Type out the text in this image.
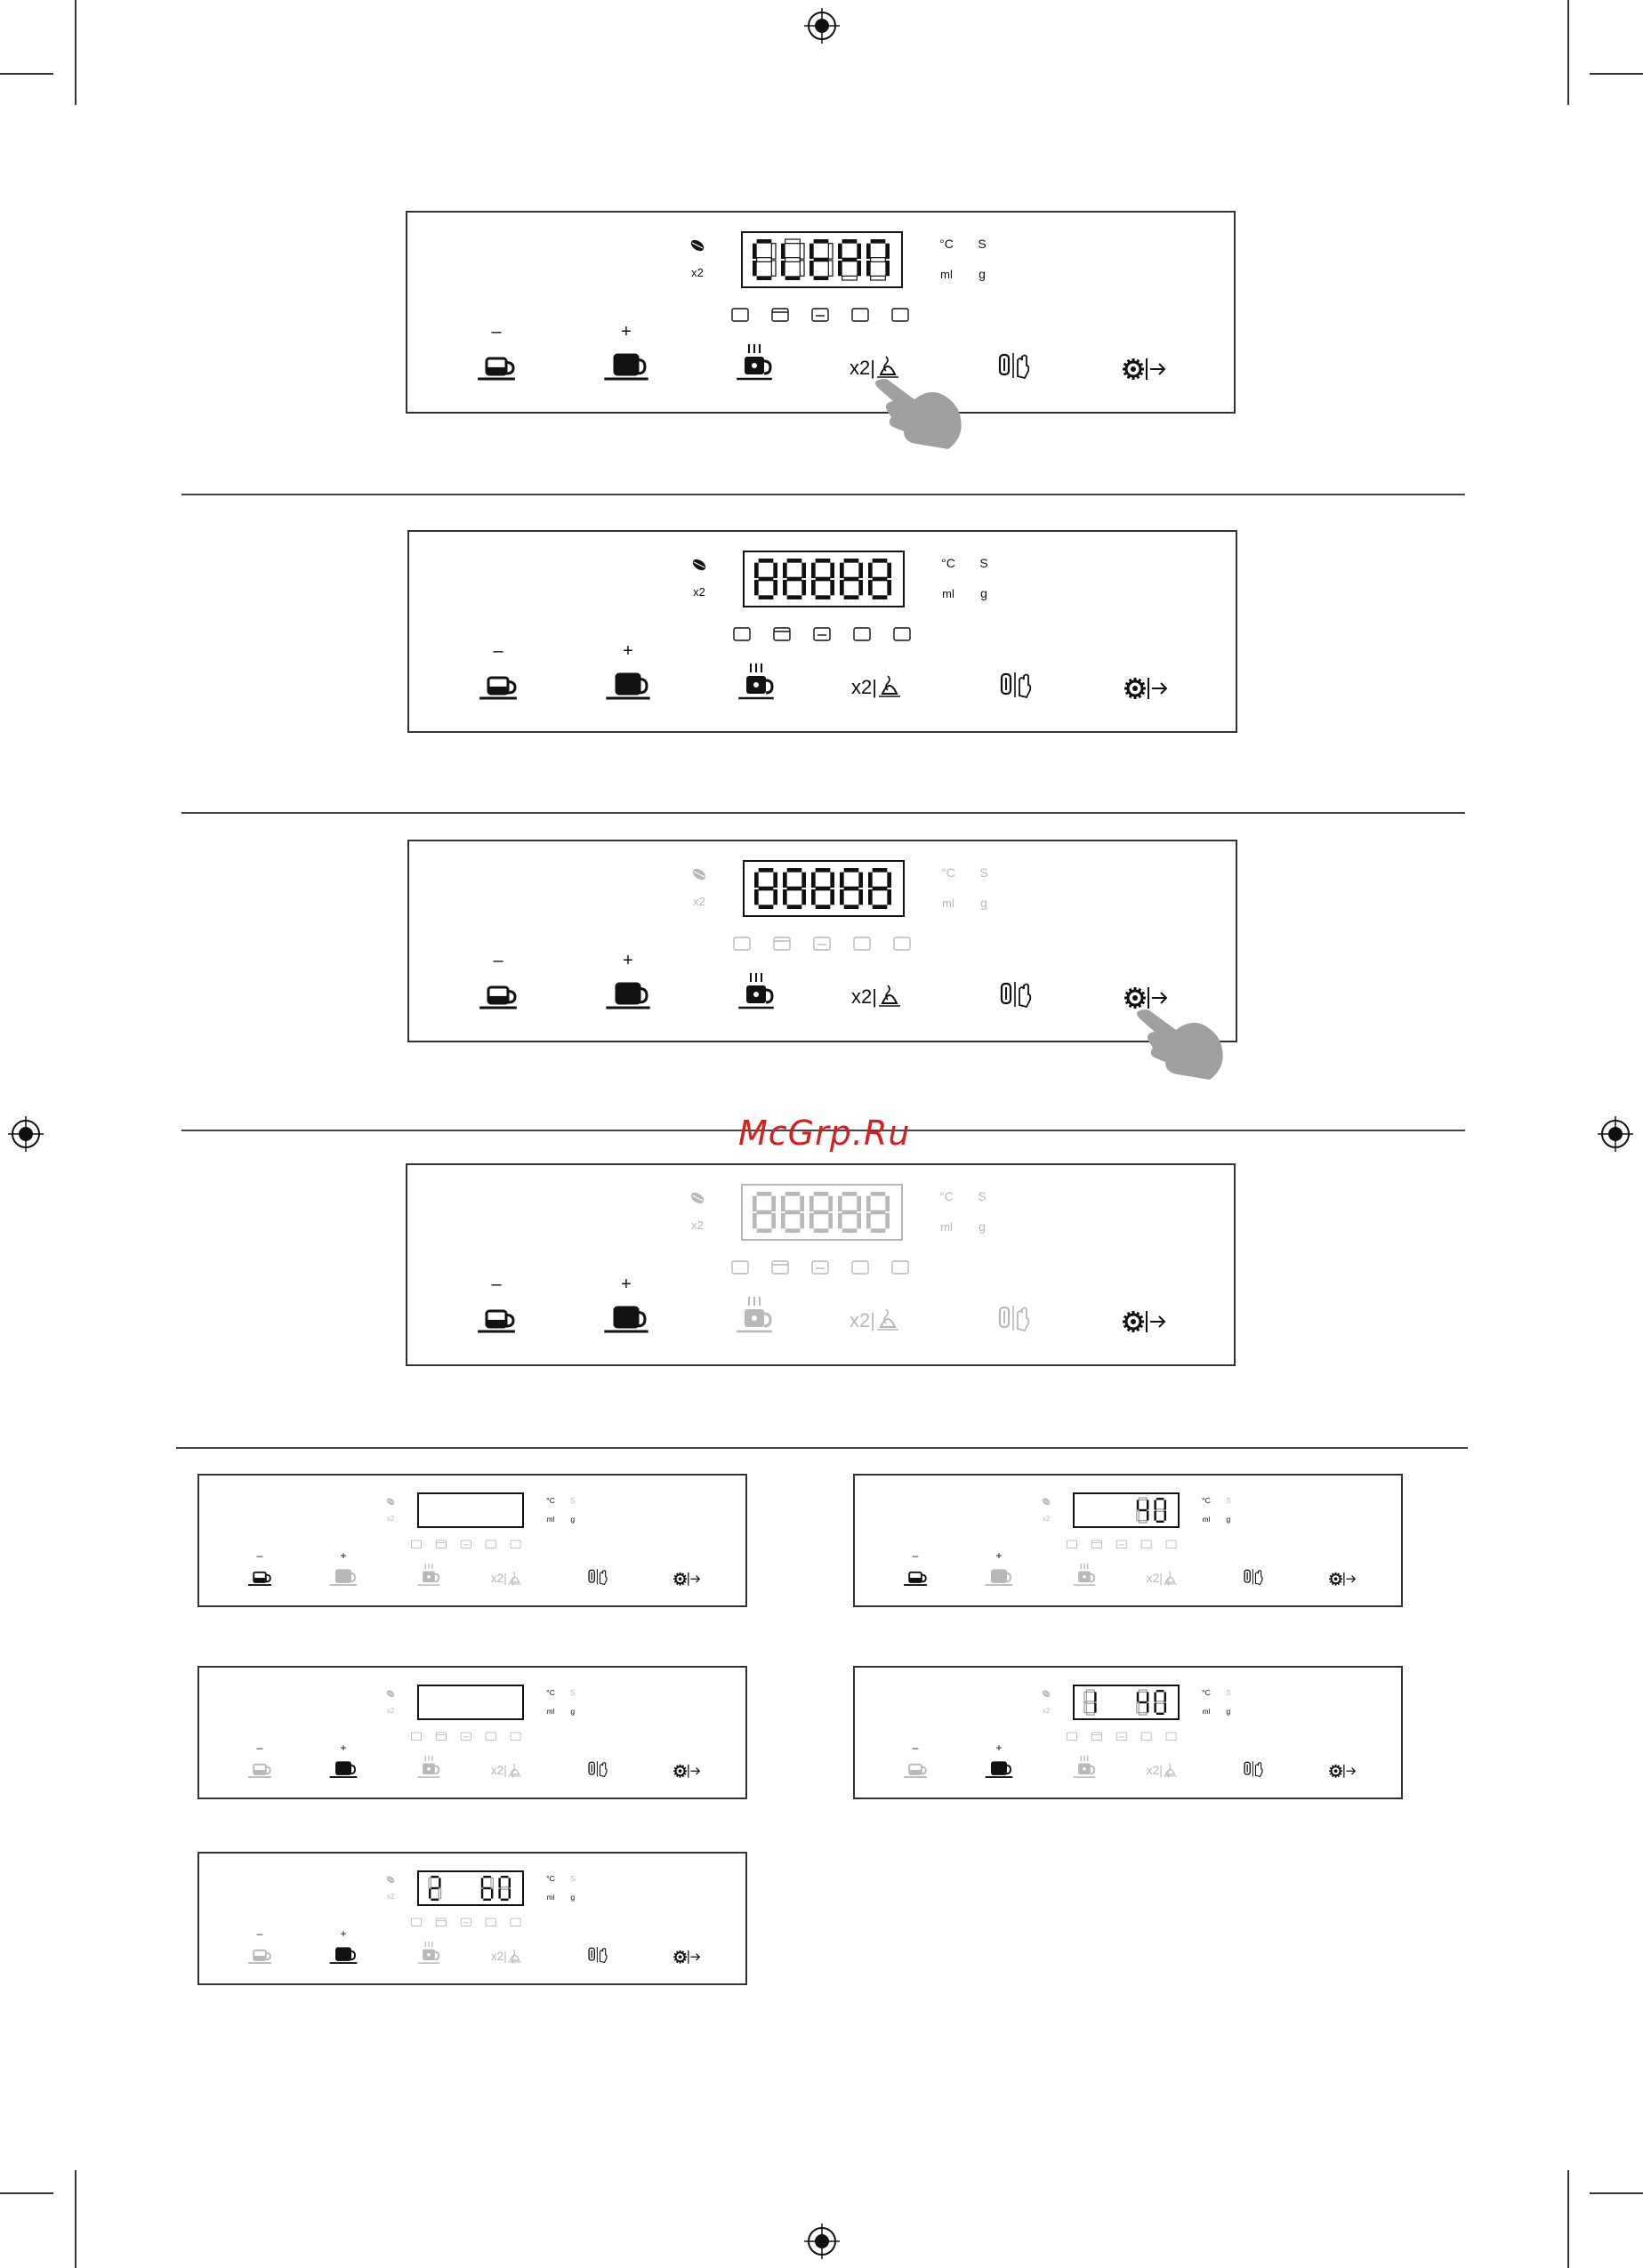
x2
°C S
ml g
–	+
x2|
x2
°C S
ml g
–	+
x2|
x2
°C S
ml g
–	+
x2|
x2
°C S
ml g
–	+
x2|
x2
°C S
ml g
–	+
x2|
x2
°C S
ml g
–	+
x2|
x2
°C S
ml g
–	+
x2|
x2
°C S
ml g
–	+
x2|
x2
°C S
ml g
–	+
x2|
McGrp.Ru
